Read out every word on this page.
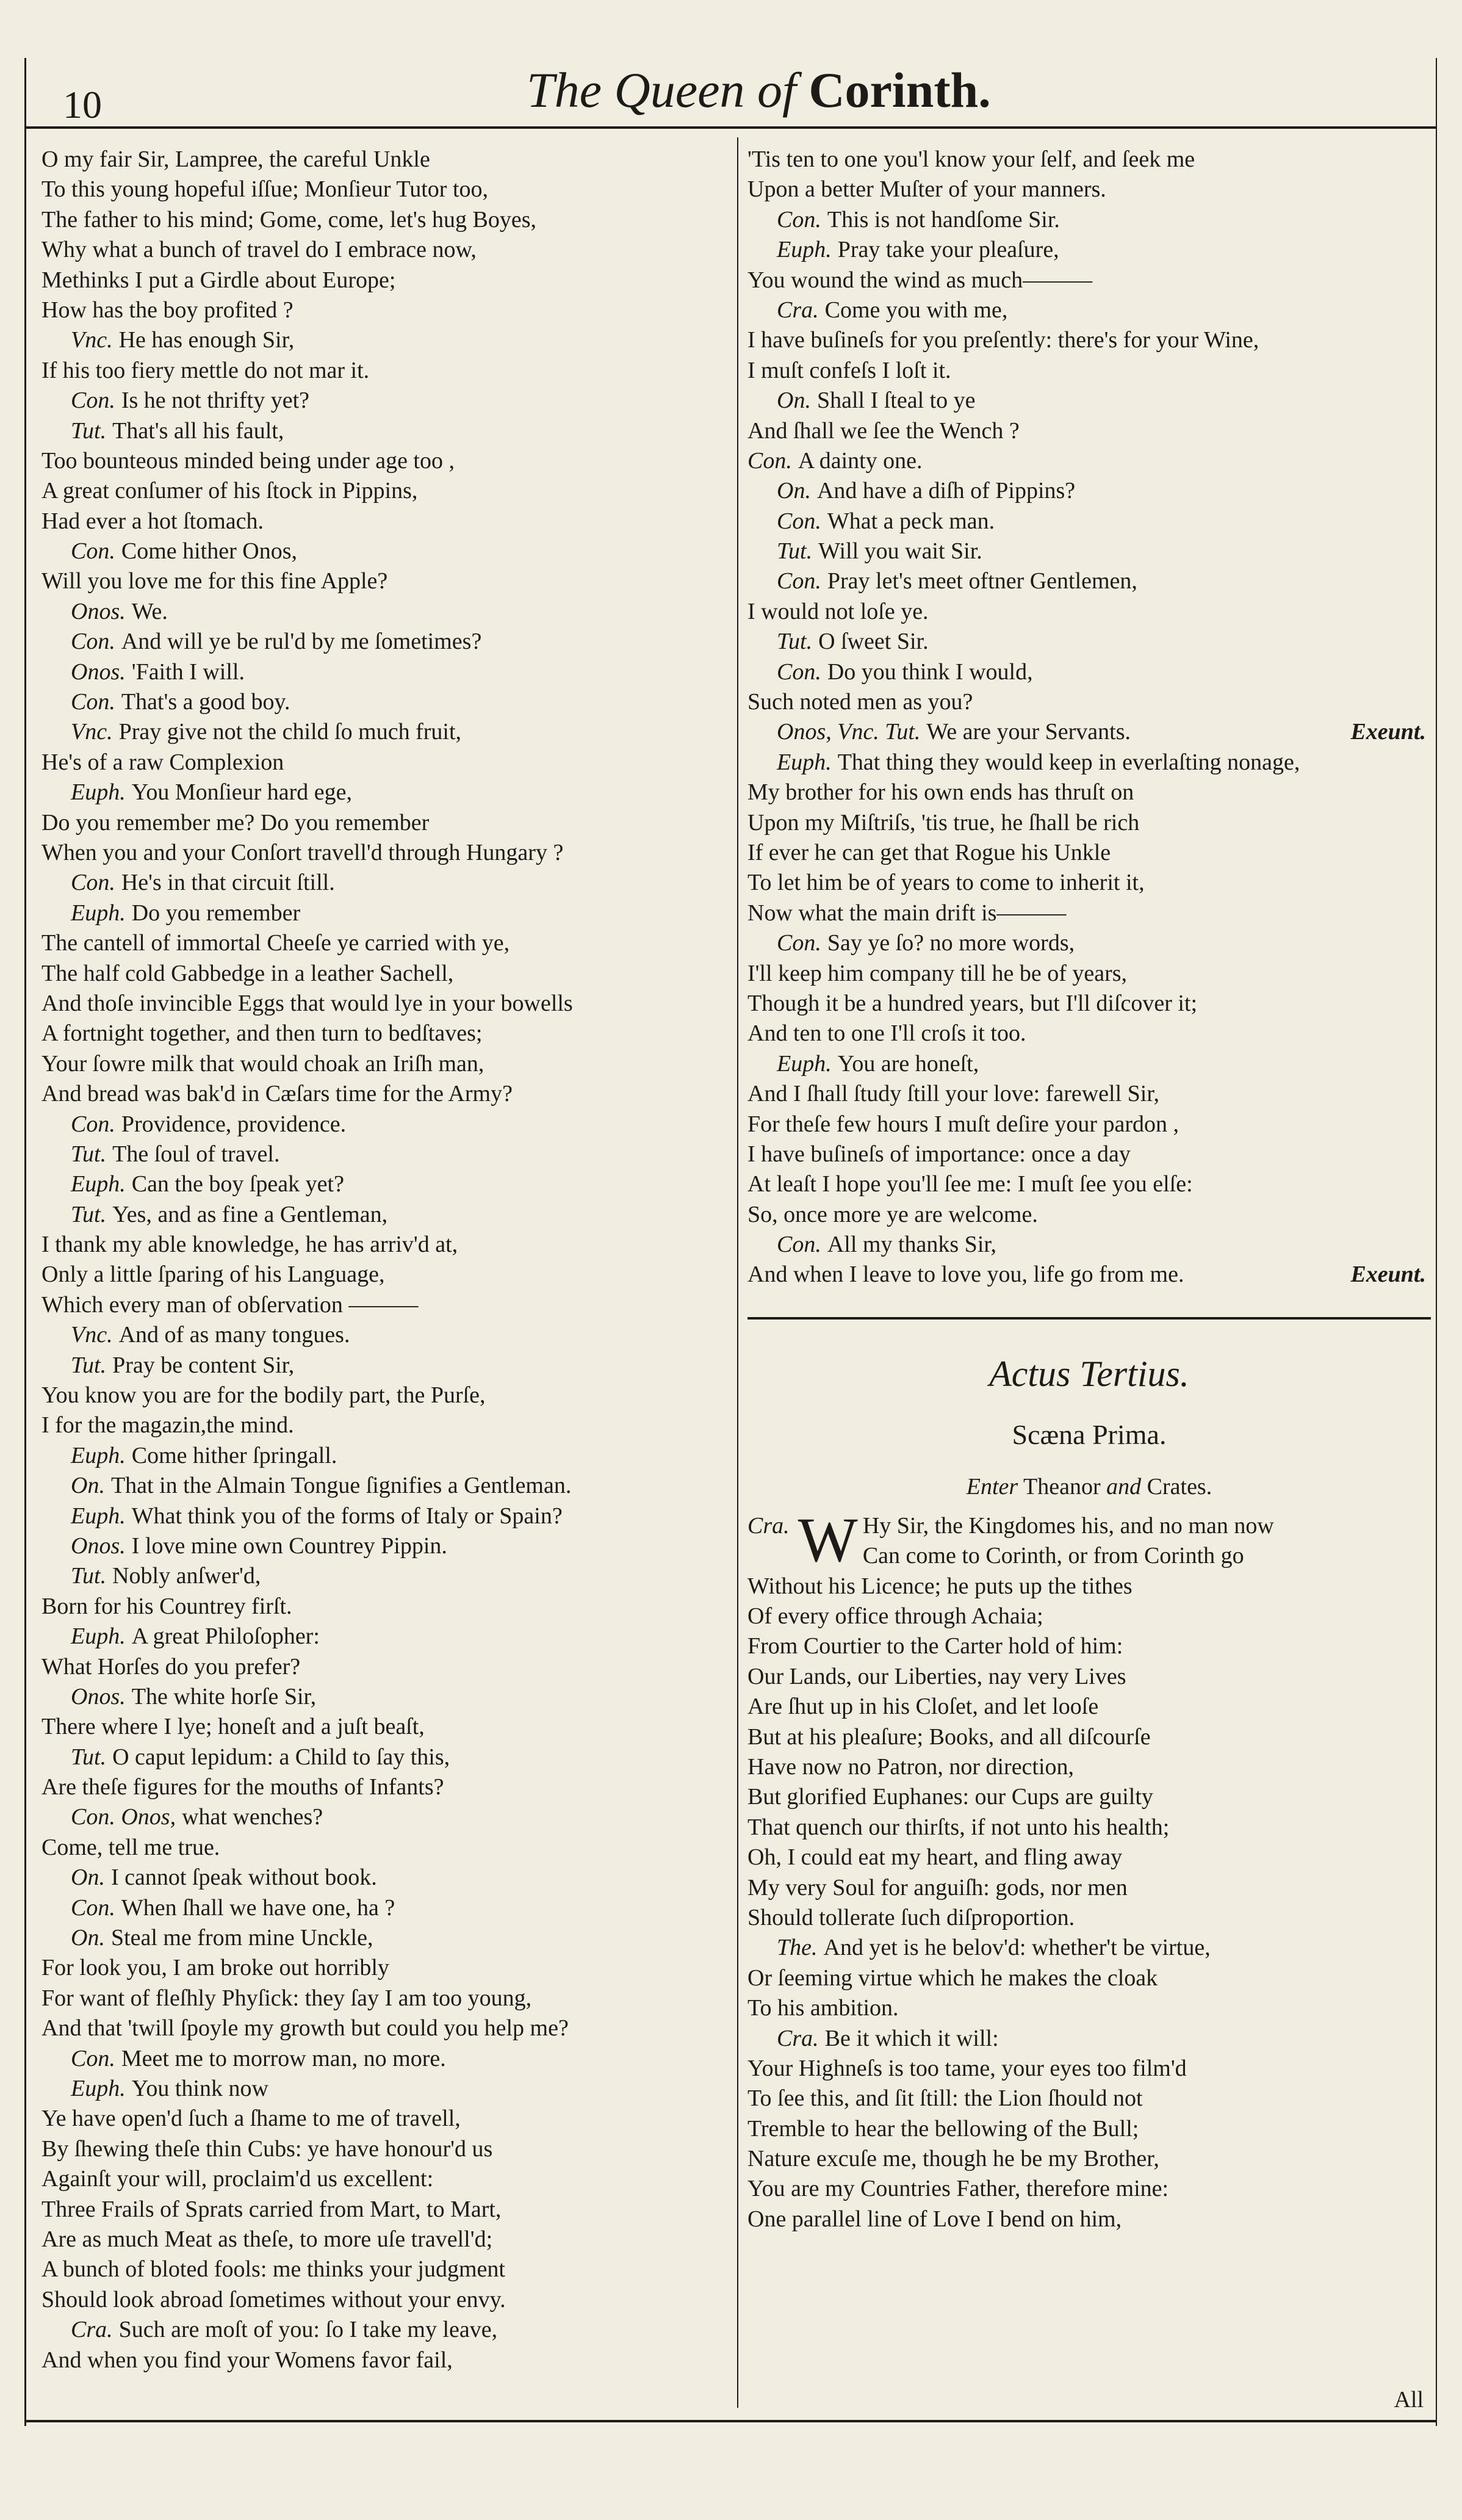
10	The Queen of Corinth.
O my fair Sir, Lampree, the careful Unkle
To this young hopeful iſſue; Monſieur Tutor too,
The father to his mind; Gome, come, let's hug Boyes,
Why what a bunch of travel do I embrace now,
Methinks I put a Girdle about Europe;
How has the boy profited ?
Vnc. He has enough Sir,
If his too fiery mettle do not mar it.
Con. Is he not thrifty yet?
Tut. That's all his fault,
Too bounteous minded being under age too ,
A great conſumer of his ſtock in Pippins,
Had ever a hot ſtomach.
Con. Come hither Onos,
Will you love me for this fine Apple?
Onos. We.
Con. And will ye be rul'd by me ſometimes?
Onos. 'Faith I will.
Con. That's a good boy.
Vnc. Pray give not the child ſo much fruit,
He's of a raw Complexion
Euph. You Monſieur hard ege,
Do you remember me? Do you remember
When you and your Conſort travell'd through Hungary ?
Con. He's in that circuit ſtill.
Euph. Do you remember
The cantell of immortal Cheeſe ye carried with ye,
The half cold Gabbedge in a leather Sachell,
And thoſe invincible Eggs that would lye in your bowells
A fortnight together, and then turn to bedſtaves;
Your ſowre milk that would choak an Iriſh man,
And bread was bak'd in Cæſars time for the Army?
Con. Providence, providence.
Tut. The ſoul of travel.
Euph. Can the boy ſpeak yet?
Tut. Yes, and as fine a Gentleman,
I thank my able knowledge, he has arriv'd at,
Only a little ſparing of his Language,
Which every man of obſervation ———
Vnc. And of as many tongues.
Tut. Pray be content Sir,
You know you are for the bodily part, the Purſe,
I for the magazin,the mind.
Euph. Come hither ſpringall.
On. That in the Almain Tongue ſignifies a Gentleman.
Euph. What think you of the forms of Italy or Spain?
Onos. I love mine own Countrey Pippin.
Tut. Nobly anſwer'd,
Born for his Countrey firſt.
Euph. A great Philoſopher:
What Horſes do you prefer?
Onos. The white horſe Sir,
There where I lye; honeſt and a juſt beaſt,
Tut. O caput lepidum: a Child to ſay this,
Are theſe figures for the mouths of Infants?
Con. Onos, what wenches?
Come, tell me true.
On. I cannot ſpeak without book.
Con. When ſhall we have one, ha ?
On. Steal me from mine Unckle,
For look you, I am broke out horribly
For want of fleſhly Phyſick: they ſay I am too young,
And that 'twill ſpoyle my growth but could you help me?
Con. Meet me to morrow man, no more.
Euph. You think now
Ye have open'd ſuch a ſhame to me of travell,
By ſhewing theſe thin Cubs: ye have honour'd us
Againſt your will, proclaim'd us excellent:
Three Frails of Sprats carried from Mart, to Mart,
Are as much Meat as theſe, to more uſe travell'd;
A bunch of bloted fools: me thinks your judgment
Should look abroad ſometimes without your envy.
Cra. Such are moſt of you: ſo I take my leave,
And when you find your Womens favor fail,
'Tis ten to one you'l know your ſelf, and ſeek me
Upon a better Muſter of your manners.
Con. This is not handſome Sir.
Euph. Pray take your pleaſure,
You wound the wind as much———
Cra. Come you with me,
I have buſineſs for you preſently: there's for your Wine,
I muſt confeſs I loſt it.
On. Shall I ſteal to ye
And ſhall we ſee the Wench ?
Con. A dainty one.
On. And have a diſh of Pippins?
Con. What a peck man.
Tut. Will you wait Sir.
Con. Pray let's meet oftner Gentlemen,
I would not loſe ye.
Tut. O ſweet Sir.
Con. Do you think I would,
Such noted men as you?
Onos, Vnc. Tut. We are your Servants.	Exeunt.
Euph. That thing they would keep in everlaſting nonage,
My brother for his own ends has thruſt on
Upon my Miſtriſs, 'tis true, he ſhall be rich
If ever he can get that Rogue his Unkle
To let him be of years to come to inherit it,
Now what the main drift is———
Con. Say ye ſo? no more words,
I'll keep him company till he be of years,
Though it be a hundred years, but I'll diſcover it;
And ten to one I'll croſs it too.
Euph. You are honeſt,
And I ſhall ſtudy ſtill your love: farewell Sir,
For theſe few hours I muſt deſire your pardon ,
I have buſineſs of importance: once a day
At leaſt I hope you'll ſee me: I muſt ſee you elſe:
So, once more ye are welcome.
Con. All my thanks Sir,
And when I leave to love you, life go from me.	Exeunt.
Actus Tertius.
Scæna Prima.
Enter Theanor and Crates.
Cra. W Hy Sir, the Kingdomes his, and no man now
Can come to Corinth, or from Corinth go
Without his Licence; he puts up the tithes
Of every office through Achaia;
From Courtier to the Carter hold of him:
Our Lands, our Liberties, nay very Lives
Are ſhut up in his Cloſet, and let looſe
But at his pleaſure; Books, and all diſcourſe
Have now no Patron, nor direction,
But glorified Euphanes: our Cups are guilty
That quench our thirſts, if not unto his health;
Oh, I could eat my heart, and fling away
My very Soul for anguiſh: gods, nor men
Should tollerate ſuch diſproportion.
The. And yet is he belov'd: whether't be virtue,
Or ſeeming virtue which he makes the cloak
To his ambition.
Cra. Be it which it will:
Your Highneſs is too tame, your eyes too film'd
To ſee this, and ſit ſtill: the Lion ſhould not
Tremble to hear the bellowing of the Bull;
Nature excuſe me, though he be my Brother,
You are my Countries Father, therefore mine:
One parallel line of Love I bend on him,
All
